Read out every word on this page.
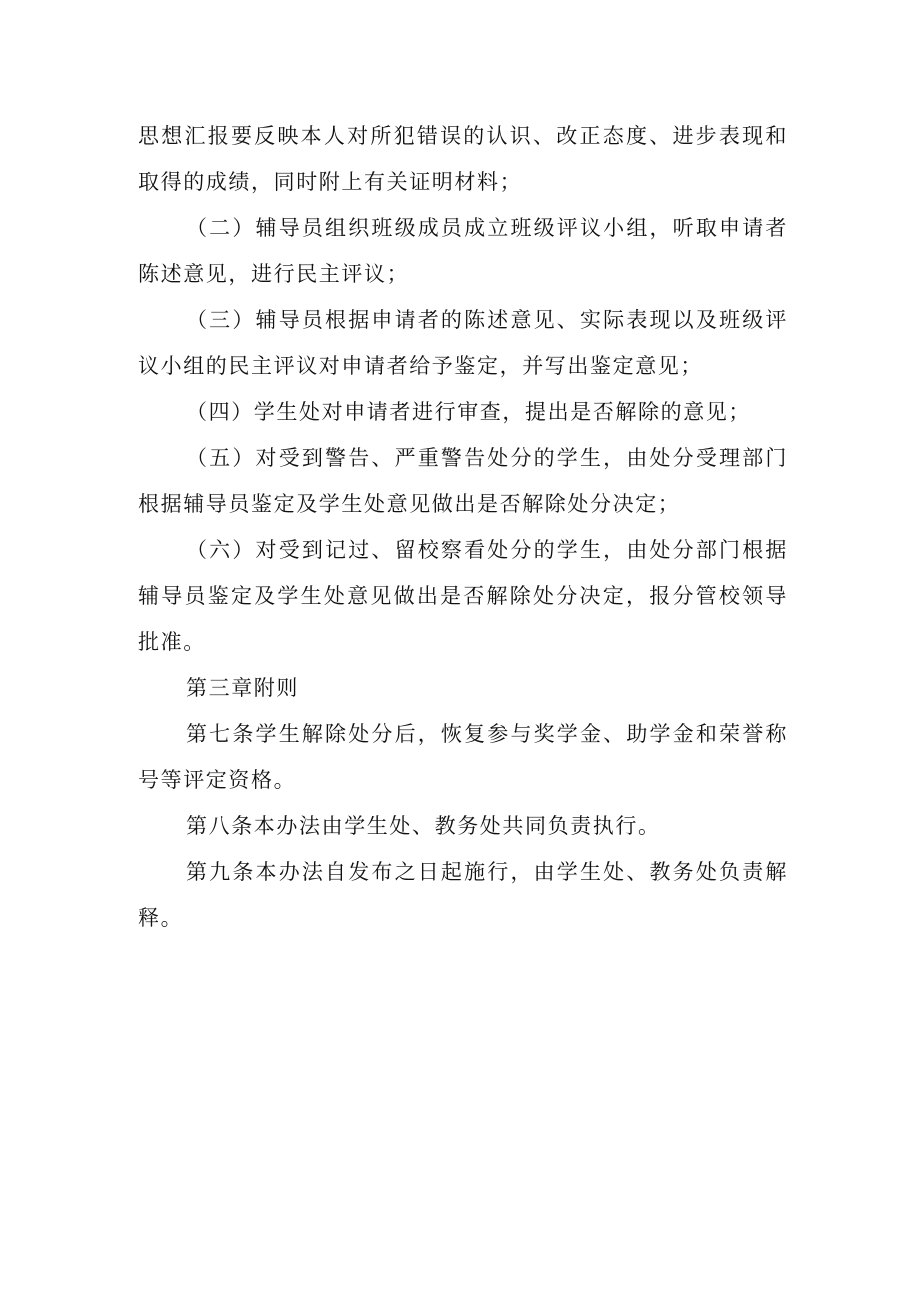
思想汇报要反映本人对所犯错误的认识、改正态度、进步表现和取得的成绩，同时附上有关证明材料；

（二）辅导员组织班级成员成立班级评议小组，听取申请者陈述意见，进行民主评议；

（三）辅导员根据申请者的陈述意见、实际表现以及班级评议小组的民主评议对申请者给予鉴定，并写出鉴定意见；

（四）学生处对申请者进行审查，提出是否解除的意见；

（五）对受到警告、严重警告处分的学生，由处分受理部门根据辅导员鉴定及学生处意见做出是否解除处分决定；

（六）对受到记过、留校察看处分的学生，由处分部门根据辅导员鉴定及学生处意见做出是否解除处分决定，报分管校领导批准。

第三章附则

第七条学生解除处分后，恢复参与奖学金、助学金和荣誉称号等评定资格。

第八条本办法由学生处、教务处共同负责执行。

第九条本办法自发布之日起施行，由学生处、教务处负责解释。
